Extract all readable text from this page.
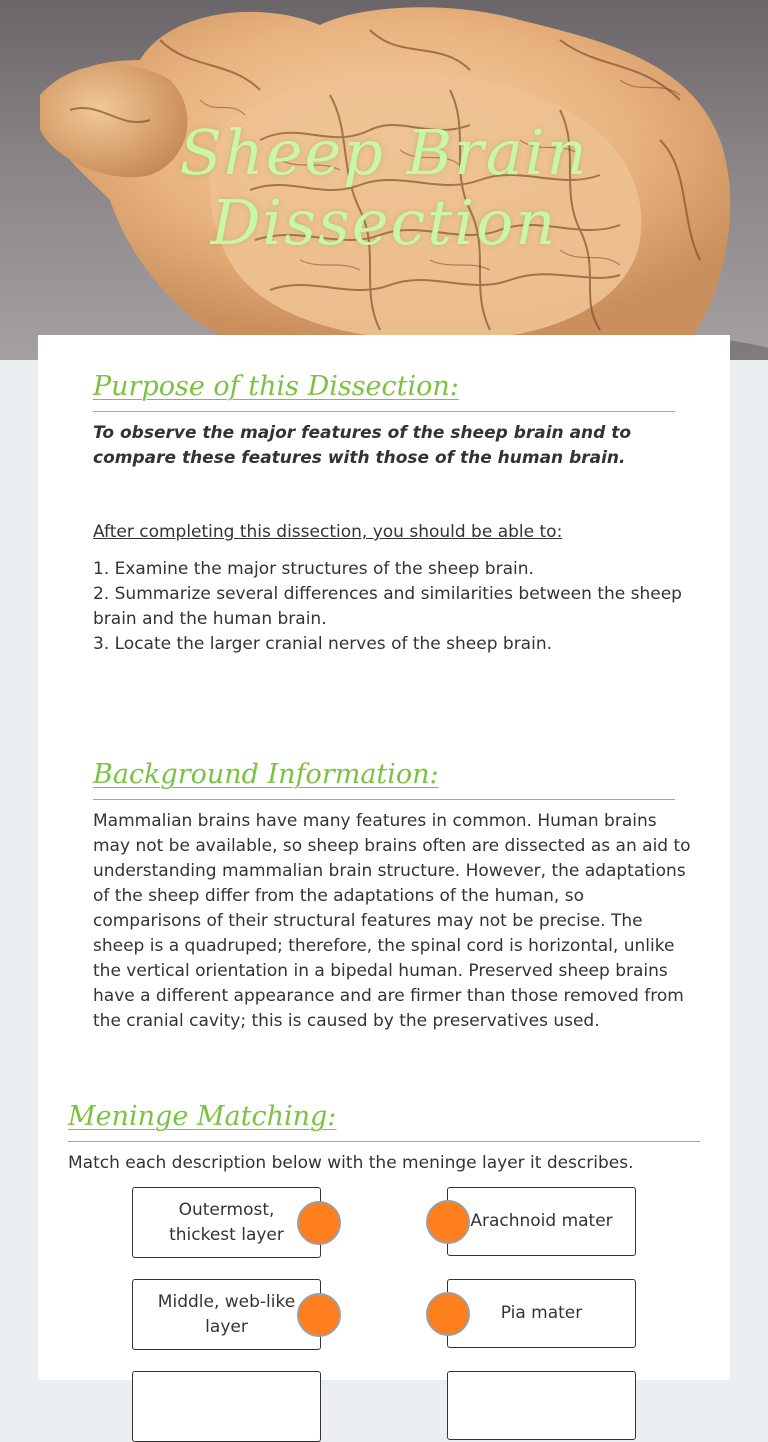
Sheep Brain Dissection
Purpose of this Dissection:
To observe the major features of the sheep brain and to
compare these features with those of the human brain.
After completing this dissection, you should be able to:
1. Examine the major structures of the sheep brain.
2. Summarize several differences and similarities between the sheep
brain and the human brain.
3. Locate the larger cranial nerves of the sheep brain.
Background Information:
Mammalian brains have many features in common. Human brains
may not be available, so sheep brains often are dissected as an aid to
understanding mammalian brain structure. However, the adaptations
of the sheep differ from the adaptations of the human, so
comparisons of their structural features may not be precise. The
sheep is a quadruped; therefore, the spinal cord is horizontal, unlike
the vertical orientation in a bipedal human. Preserved sheep brains
have a different appearance and are firmer than those removed from
the cranial cavity; this is caused by the preservatives used.
Meninge Matching:
Match each description below with the meninge layer it describes.
Outermost,
thickest layer
Arachnoid mater
Middle, web-like
layer
Pia mater
